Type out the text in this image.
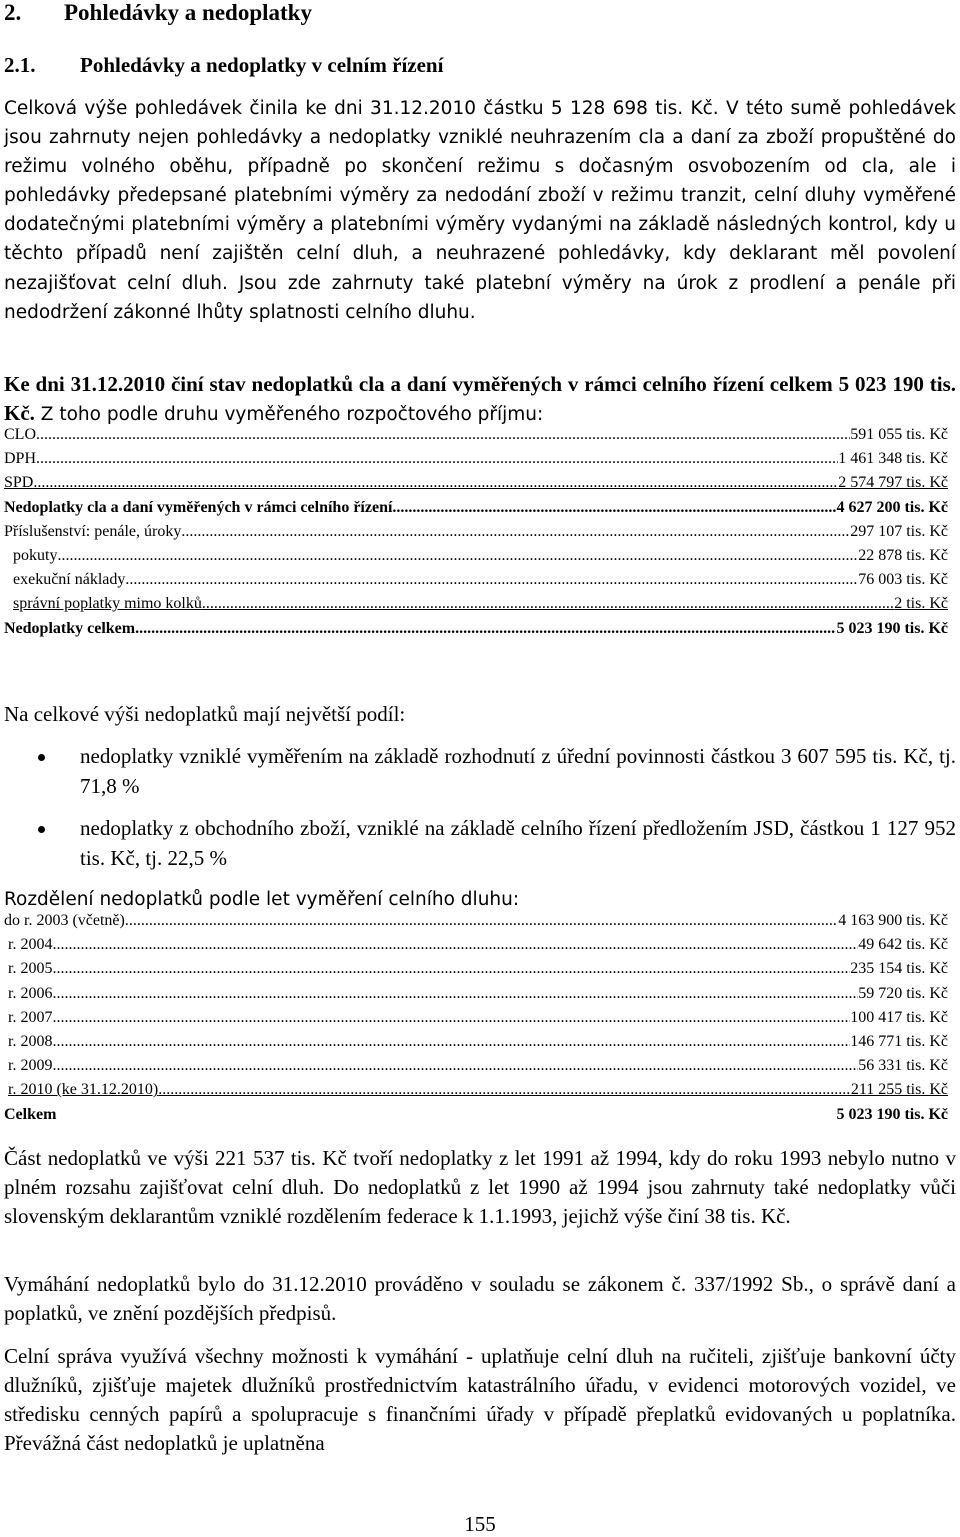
2. Pohledávky a nedoplatky
2.1. Pohledávky a nedoplatky v celním řízení

Celková výše pohledávek činila ke dni 31.12.2010 částku 5 128 698 tis. Kč. V této sumě pohledávek jsou zahrnuty nejen pohledávky a nedoplatky vzniklé neuhrazením cla a daní za zboží propuštěné do režimu volného oběhu, případně po skončení režimu s dočasným osvobozením od cla, ale i pohledávky předepsané platebními výměry za nedodání zboží v režimu tranzit, celní dluhy vyměřené dodatečnými platebními výměry a platebními výměry vydanými na základě následných kontrol, kdy u těchto případů není zajištěn celní dluh, a neuhrazené pohledávky, kdy deklarant měl povolení nezajišťovat celní dluh. Jsou zde zahrnuty také platební výměry na úrok z prodlení a penále při nedodržení zákonné lhůty splatnosti celního dluhu.

Ke dni 31.12.2010 činí stav nedoplatků cla a daní vyměřených v rámci celního řízení celkem 5 023 190 tis. Kč. Z toho podle druhu vyměřeného rozpočtového příjmu:

CLO .....	591 055 tis. Kč
DPH .....	1 461 348 tis. Kč
SPD .....	2 574 797 tis. Kč
Nedoplatky cla a daní vyměřených v rámci celního řízení .....	4 627 200 tis. Kč
Příslušenství: penále, úroky .....	297 107 tis. Kč
pokuty .....	22 878 tis. Kč
exekuční náklady .....	76 003 tis. Kč
správní poplatky mimo kolků .....	2 tis. Kč
Nedoplatky celkem .....	5 023 190 tis. Kč

Na celkové výši nedoplatků mají největší podíl:

nedoplatky vzniklé vyměřením na základě rozhodnutí z úřední povinnosti částkou 3 607 595 tis. Kč, tj. 71,8 %
nedoplatky z obchodního zboží, vzniklé na základě celního řízení předložením JSD, částkou 1 127 952 tis. Kč, tj. 22,5 %

Rozdělení nedoplatků podle let vyměření celního dluhu:

do r. 2003 (včetně) .....	4 163 900 tis. Kč
r. 2004 .....	49 642 tis. Kč
r. 2005 .....	235 154 tis. Kč
r. 2006 .....	59 720 tis. Kč
r. 2007 .....	100 417 tis. Kč
r. 2008 .....	146 771 tis. Kč
r. 2009 .....	56 331 tis. Kč
r. 2010 (ke 31.12.2010) .....	211 255 tis. Kč
Celkem	5 023 190 tis. Kč

Část nedoplatků ve výši 221 537 tis. Kč tvoří nedoplatky z let 1991 až 1994, kdy do roku 1993 nebylo nutno v plném rozsahu zajišťovat celní dluh. Do nedoplatků z let 1990 až 1994 jsou zahrnuty také nedoplatky vůči slovenským deklarantům vzniklé rozdělením federace k 1.1.1993, jejichž výše činí 38 tis. Kč.

Vymáhání nedoplatků bylo do 31.12.2010 prováděno v souladu se zákonem č. 337/1992 Sb., o správě daní a poplatků, ve znění pozdějších předpisů.

Celní správa využívá všechny možnosti k vymáhání - uplatňuje celní dluh na ručiteli, zjišťuje bankovní účty dlužníků, zjišťuje majetek dlužníků prostřednictvím katastrálního úřadu, v evidenci motorových vozidel, ve středisku cenných papírů a spolupracuje s finančními úřady v případě přeplatků evidovaných u poplatníka. Převážná část nedoplatků je uplatněna

155
